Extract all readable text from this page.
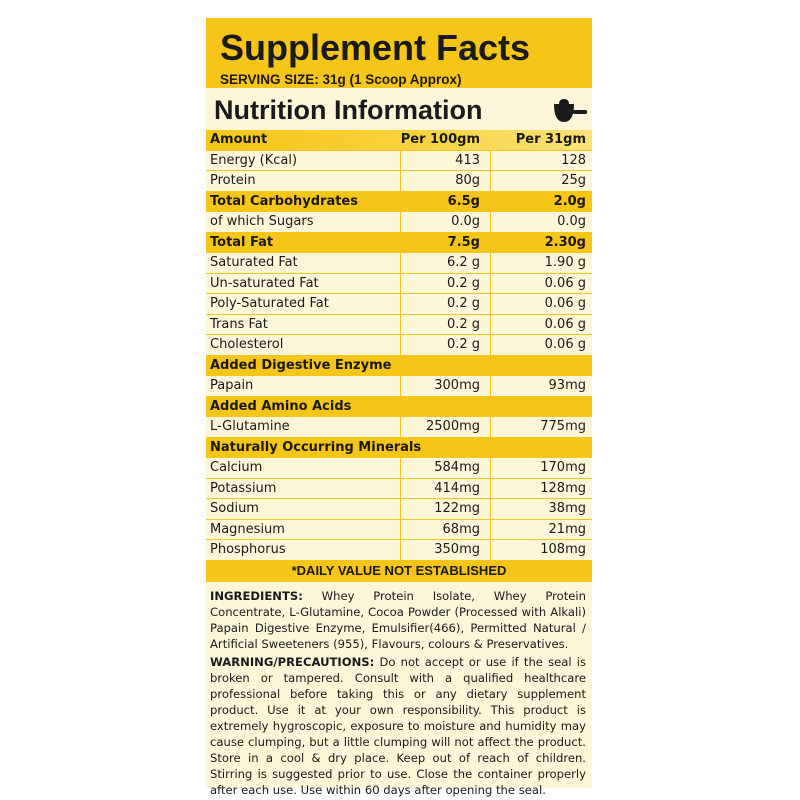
Supplement Facts
SERVING SIZE: 31g (1 Scoop Approx)
Nutrition Information
Amount	Per 100gm	Per 31gm
Energy (Kcal)	413	128
Protein	80g	25g
Total Carbohydrates	6.5g	2.0g
of which Sugars	0.0g	0.0g
Total Fat	7.5g	2.30g
Saturated Fat	6.2 g	1.90 g
Un-saturated Fat	0.2 g	0.06 g
Poly-Saturated Fat	0.2 g	0.06 g
Trans Fat	0.2 g	0.06 g
Cholesterol	0.2 g	0.06 g
Added Digestive Enzyme
Papain	300mg	93mg
Added Amino Acids
L-Glutamine	2500mg	775mg
Naturally Occurring Minerals
Calcium	584mg	170mg
Potassium	414mg	128mg
Sodium	122mg	38mg
Magnesium	68mg	21mg
Phosphorus	350mg	108mg
*DAILY VALUE NOT ESTABLISHED
INGREDIENTS: Whey Protein Isolate, Whey Protein Concentrate, L-Glutamine, Cocoa Powder (Processed with Alkali) Papain Digestive Enzyme, Emulsifier(466), Permitted Natural / Artificial Sweeteners (955), Flavours, colours & Preservatives.
WARNING/PRECAUTIONS: Do not accept or use if the seal is broken or tampered. Consult with a qualified healthcare professional before taking this or any dietary supplement product. Use it at your own responsibility. This product is extremely hygroscopic, exposure to moisture and humidity may cause clumping, but a little clumping will not affect the product. Store in a cool & dry place. Keep out of reach of children. Stirring is suggested prior to use. Close the container properly after each use. Use within 60 days after opening the seal.
